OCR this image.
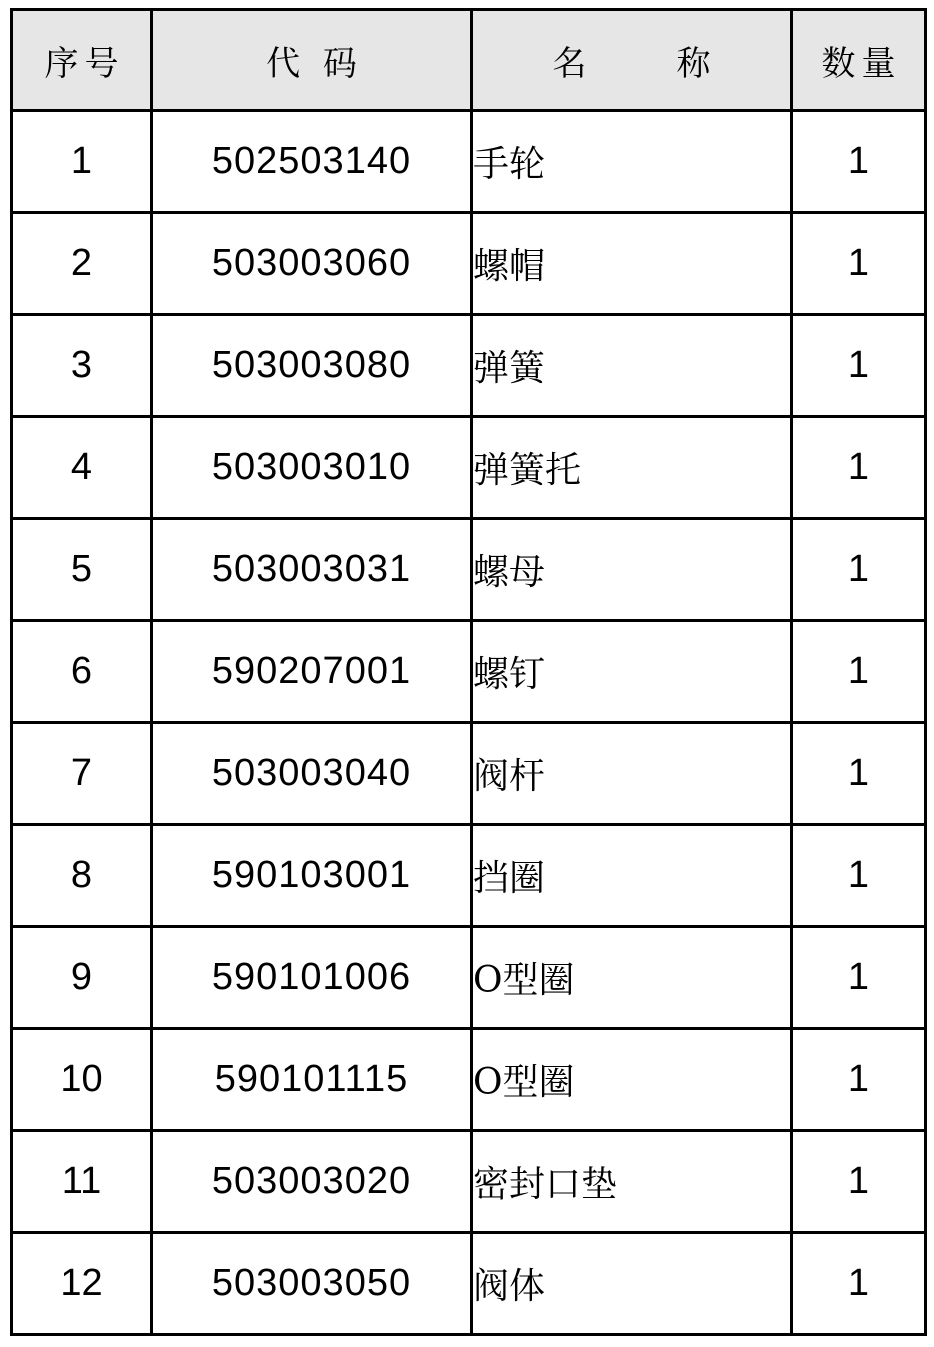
序号	代 码	名　称	数量
1	502503140	手轮	1
2	503003060	螺帽	1
3	503003080	弹簧	1
4	503003010	弹簧托	1
5	503003031	螺母	1
6	590207001	螺钉	1
7	503003040	阀杆	1
8	590103001	挡圈	1
9	590101006	O型圈	1
10	590101115	O型圈	1
11	503003020	密封口垫	1
12	503003050	阀体	1
